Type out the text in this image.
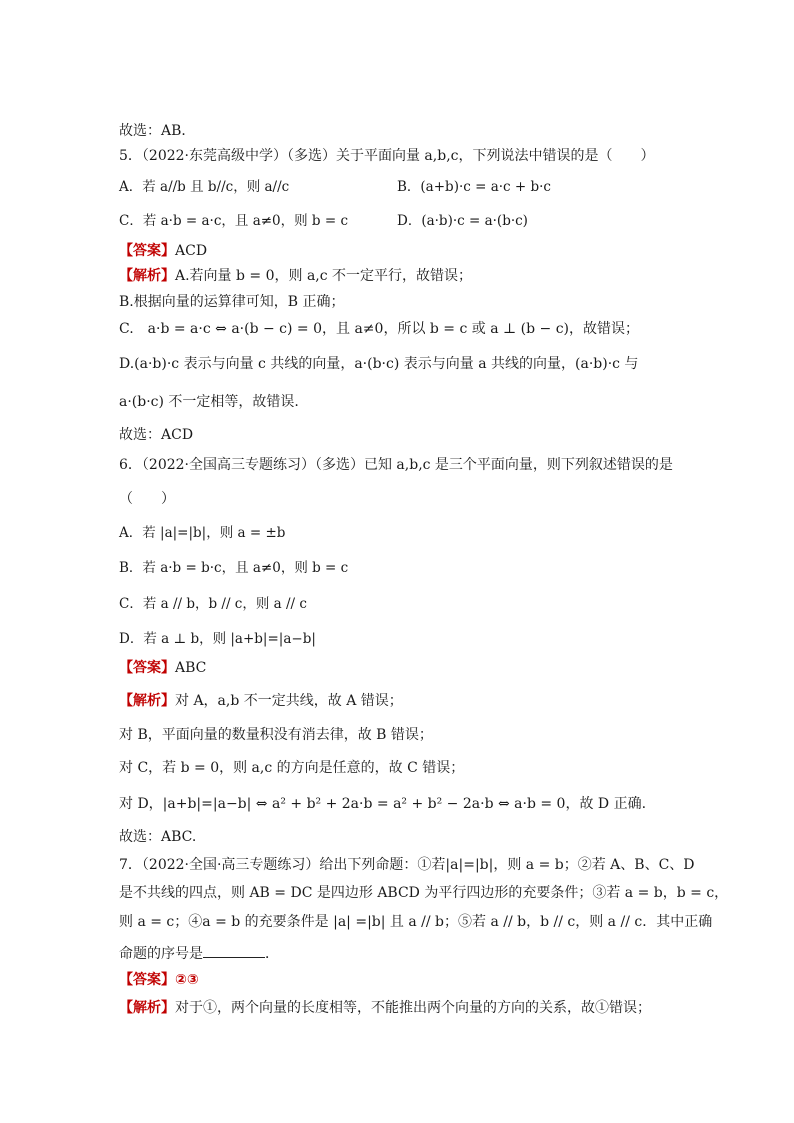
故选：AB．
5．（2022·东莞高级中学）（多选）关于平面向量 a,b,c，下列说法中错误的是（　　）
A．若 a//b 且 b//c，则 a//c	B．(a+b)·c = a·c + b·c
C．若 a·b = a·c，且 a≠0，则 b = c	D．(a·b)·c = a·(b·c)
【答案】ACD
【解析】A.若向量 b = 0，则 a,c 不一定平行，故错误；
B.根据向量的运算律可知，B 正确；
C.　a·b = a·c ⇔ a·(b − c) = 0，且 a≠0，所以 b = c 或 a ⊥ (b − c)，故错误；
D.(a·b)·c 表示与向量 c 共线的向量，a·(b·c) 表示与向量 a 共线的向量，(a·b)·c 与
a·(b·c) 不一定相等，故错误.
故选：ACD
6．（2022·全国高三专题练习）（多选）已知 a,b,c 是三个平面向量，则下列叙述错误的是
（　　）
A．若 |a|=|b|，则 a = ±b
B．若 a·b = b·c，且 a≠0，则 b = c
C．若 a // b，b // c，则 a // c
D．若 a ⊥ b，则 |a+b|=|a−b|
【答案】ABC
【解析】对 A，a,b 不一定共线，故 A 错误；
对 B，平面向量的数量积没有消去律，故 B 错误；
对 C，若 b = 0，则 a,c 的方向是任意的，故 C 错误；
对 D，|a+b|=|a−b| ⇔ a² + b² + 2a·b = a² + b² − 2a·b ⇔ a·b = 0，故 D 正确.
故选：ABC.
7．（2022·全国·高三专题练习）给出下列命题：①若|a|=|b|，则 a = b；②若 A、B、C、D
是不共线的四点，则 AB = DC 是四边形 ABCD 为平行四边形的充要条件；③若 a = b，b = c，
则 a = c；④a = b 的充要条件是 |a| =|b| 且 a // b；⑤若 a // b，b // c，则 a // c．其中正确
命题的序号是	．
【答案】②③
【解析】对于①，两个向量的长度相等，不能推出两个向量的方向的关系，故①错误；
